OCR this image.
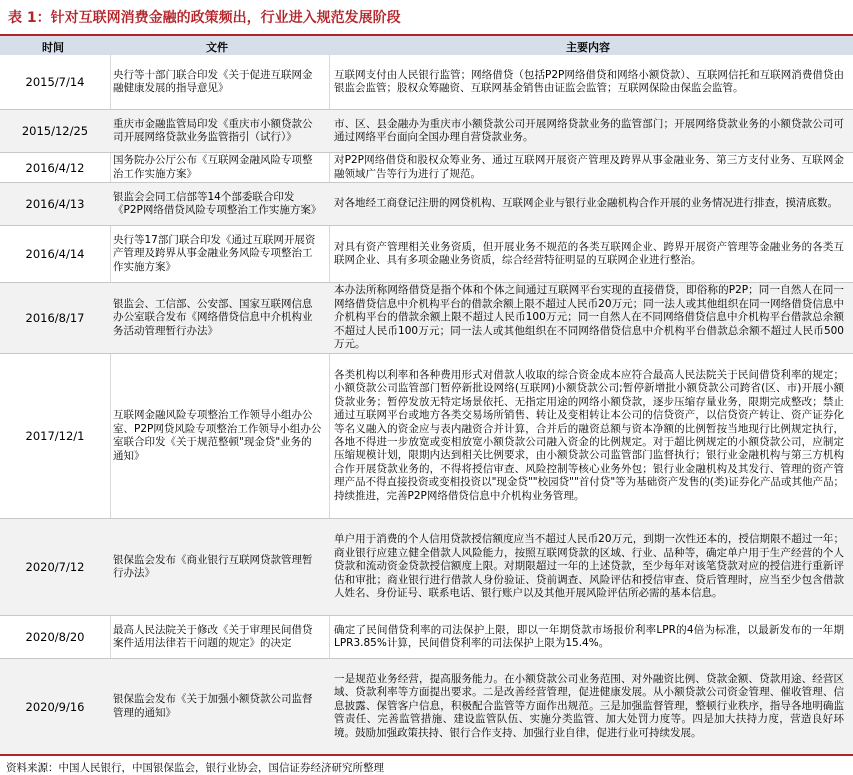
表 1：针对互联网消费金融的政策频出，行业进入规范发展阶段
时间	文件	主要内容
2015/7/14
央行等十部门联合印发《关于促进互联网金融健康发展的指导意见》
互联网支付由人民银行监管；网络借贷（包括P2P网络借贷和网络小额贷款）、互联网信托和互联网消费借贷由银监会监管；股权众筹融资、互联网基金销售由证监会监管；互联网保险由保监会监管。
2015/12/25
重庆市金融监管局印发《重庆市小额贷款公司开展网络贷款业务监管指引（试行）》
市、区、县金融办为重庆市小额贷款公司开展网络贷款业务的监管部门；开展网络贷款业务的小额贷款公司可通过网络平台面向全国办理自营贷款业务。
2016/4/12
国务院办公厅公布《互联网金融风险专项整治工作实施方案》
对P2P网络借贷和股权众筹业务、通过互联网开展资产管理及跨界从事金融业务、第三方支付业务、互联网金融领域广告等行为进行了规范。
2016/4/13
银监会会同工信部等14个部委联合印发《P2P网络借贷风险专项整治工作实施方案》
对各地经工商登记注册的网贷机构、互联网企业与银行业金融机构合作开展的业务情况进行排查，摸清底数。
2016/4/14
央行等17部门联合印发《通过互联网开展资产管理及跨界从事金融业务风险专项整治工作实施方案》
对具有资产管理相关业务资质，但开展业务不规范的各类互联网企业、跨界开展资产管理等金融业务的各类互联网企业、具有多项金融业务资质，综合经营特征明显的互联网企业进行整治。
2016/8/17
银监会、工信部、公安部、国家互联网信息办公室联合发布《网络借贷信息中介机构业务活动管理暂行办法》
本办法所称网络借贷是指个体和个体之间通过互联网平台实现的直接借贷，即俗称的P2P；同一自然人在同一网络借贷信息中介机构平台的借款余额上限不超过人民币20万元；同一法人或其他组织在同一网络借贷信息中介机构平台的借款余额上限不超过人民币100万元；同一自然人在不同网络借贷信息中介机构平台借款总余额不超过人民币100万元；同一法人或其他组织在不同网络借贷信息中介机构平台借款总余额不超过人民币500万元。
2017/12/1
互联网金融风险专项整治工作领导小组办公室、P2P网贷风险专项整治工作领导小组办公室联合印发《关于规范整顿"现金贷"业务的通知》
各类机构以利率和各种费用形式对借款人收取的综合资金成本应符合最高人民法院关于民间借贷利率的规定；小额贷款公司监管部门暂停新批设网络(互联网)小额贷款公司;暂停新增批小额贷款公司跨省(区、市)开展小额贷款业务；暂停发放无特定场景依托、无指定用途的网络小额贷款，逐步压缩存量业务，限期完成整改；禁止通过互联网平台或地方各类交易场所销售、转让及变相转让本公司的信贷资产，以信贷资产转让、资产证券化等名义融入的资金应与表内融资合并计算，合并后的融资总额与资本净额的比例暂按当地现行比例规定执行，各地不得进一步放宽或变相放宽小额贷款公司融入资金的比例规定。对于超比例规定的小额贷款公司，应制定压缩规模计划，限期内达到相关比例要求，由小额贷款公司监管部门监督执行；银行业金融机构与第三方机构合作开展贷款业务的，不得将授信审查、风险控制等核心业务外包；银行业金融机构及其发行、管理的资产管理产品不得直接投资或变相投资以"现金贷""校园贷""首付贷"等为基础资产发售的(类)证券化产品或其他产品；持续推进，完善P2P网络借贷信息中介机构业务管理。
2020/7/12
银保监会发布《商业银行互联网贷款管理暂行办法》
单户用于消费的个人信用贷款授信额度应当不超过人民币20万元，到期一次性还本的，授信期限不超过一年；商业银行应建立健全借款人风险能力，按照互联网贷款的区域、行业、品种等，确定单户用于生产经营的个人贷款和流动资金贷款授信额度上限。对期限超过一年的上述贷款，至少每年对该笔贷款对应的授信进行重新评估和审批；商业银行进行借款人身份验证、贷前调查、风险评估和授信审查、贷后管理时，应当至少包含借款人姓名、身份证号、联系电话、银行账户以及其他开展风险评估所必需的基本信息。
2020/8/20
最高人民法院关于修改《关于审理民间借贷案件适用法律若干问题的规定》的决定
确定了民间借贷利率的司法保护上限，即以一年期贷款市场报价利率LPR的4倍为标准，以最新发布的一年期LPR3.85%计算，民间借贷利率的司法保护上限为15.4%。
2020/9/16
银保监会发布《关于加强小额贷款公司监督管理的通知》
一是规范业务经营，提高服务能力。在小额贷款公司业务范围、对外融资比例、贷款金额、贷款用途、经营区域、贷款利率等方面提出要求。二是改善经营管理，促进健康发展。从小额贷款公司资金管理、催收管理、信息披露、保管客户信息，积极配合监管等方面作出规范。三是加强监督管理，整顿行业秩序，指导各地明确监管责任、完善监管措施、建设监管队伍、实施分类监管、加大处罚力度等。四是加大扶持力度，营造良好环境。鼓励加强政策扶持、银行合作支持、加强行业自律，促进行业可持续发展。
资料来源：中国人民银行，中国银保监会，银行业协会，国信证券经济研究所整理
